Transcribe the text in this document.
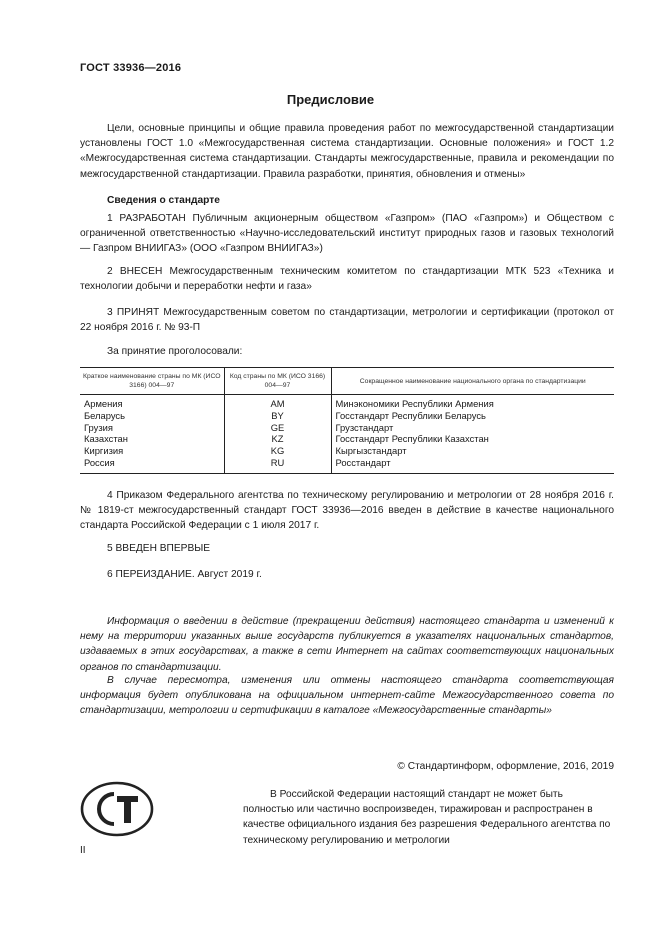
ГОСТ 33936—2016
Предисловие

Цели, основные принципы и общие правила проведения работ по межгосударственной стандартизации установлены ГОСТ 1.0 «Межгосударственная система стандартизации. Основные положения» и ГОСТ 1.2 «Межгосударственная система стандартизации. Стандарты межгосударственные, правила и рекомендации по межгосударственной стандартизации. Правила разработки, принятия, обновления и отмены»

Сведения о стандарте

1 РАЗРАБОТАН Публичным акционерным обществом «Газпром» (ПАО «Газпром») и Обществом с ограниченной ответственностью «Научно-исследовательский институт природных газов и газовых технологий — Газпром ВНИИГАЗ» (ООО «Газпром ВНИИГАЗ»)

2 ВНЕСЕН Межгосударственным техническим комитетом по стандартизации МТК 523 «Техника и технологии добычи и переработки нефти и газа»

3 ПРИНЯТ Межгосударственным советом по стандартизации, метрологии и сертификации (протокол от 22 ноября 2016 г. № 93-П

За принятие проголосовали:
Краткое наименование страны по МК (ИСО 3166) 004—97	Код страны по МК (ИСО 3166) 004—97	Сокращенное наименование национального органа по стандартизации
Армения	AM	Минэкономики Республики Армения
Беларусь	BY	Госстандарт Республики Беларусь
Грузия	GE	Грузстандарт
Казахстан	KZ	Госстандарт Республики Казахстан
Киргизия	KG	Кыргызстандарт
Россия	RU	Росстандарт

4 Приказом Федерального агентства по техническому регулированию и метрологии от 28 ноября 2016 г. № 1819-ст межгосударственный стандарт ГОСТ 33936—2016 введен в действие в качестве национального стандарта Российской Федерации с 1 июля 2017 г.

5 ВВЕДЕН ВПЕРВЫЕ

6 ПЕРЕИЗДАНИЕ. Август 2019 г.

Информация о введении в действие (прекращении действия) настоящего стандарта и изменений к нему на территории указанных выше государств публикуется в указателях национальных стандартов, издаваемых в этих государствах, а также в сети Интернет на сайтах соответствующих национальных органов по стандартизации.

В случае пересмотра, изменения или отмены настоящего стандарта соответствующая информация будет опубликована на официальном интернет-сайте Межгосударственного совета по стандартизации, метрологии и сертификации в каталоге «Межгосударственные стандарты»

© Стандартинформ, оформление, 2016, 2019

В Российской Федерации настоящий стандарт не может быть полностью или частично воспроизведен, тиражирован и распространен в качестве официального издания без разрешения Федерального агентства по техническому регулированию и метрологии

II
